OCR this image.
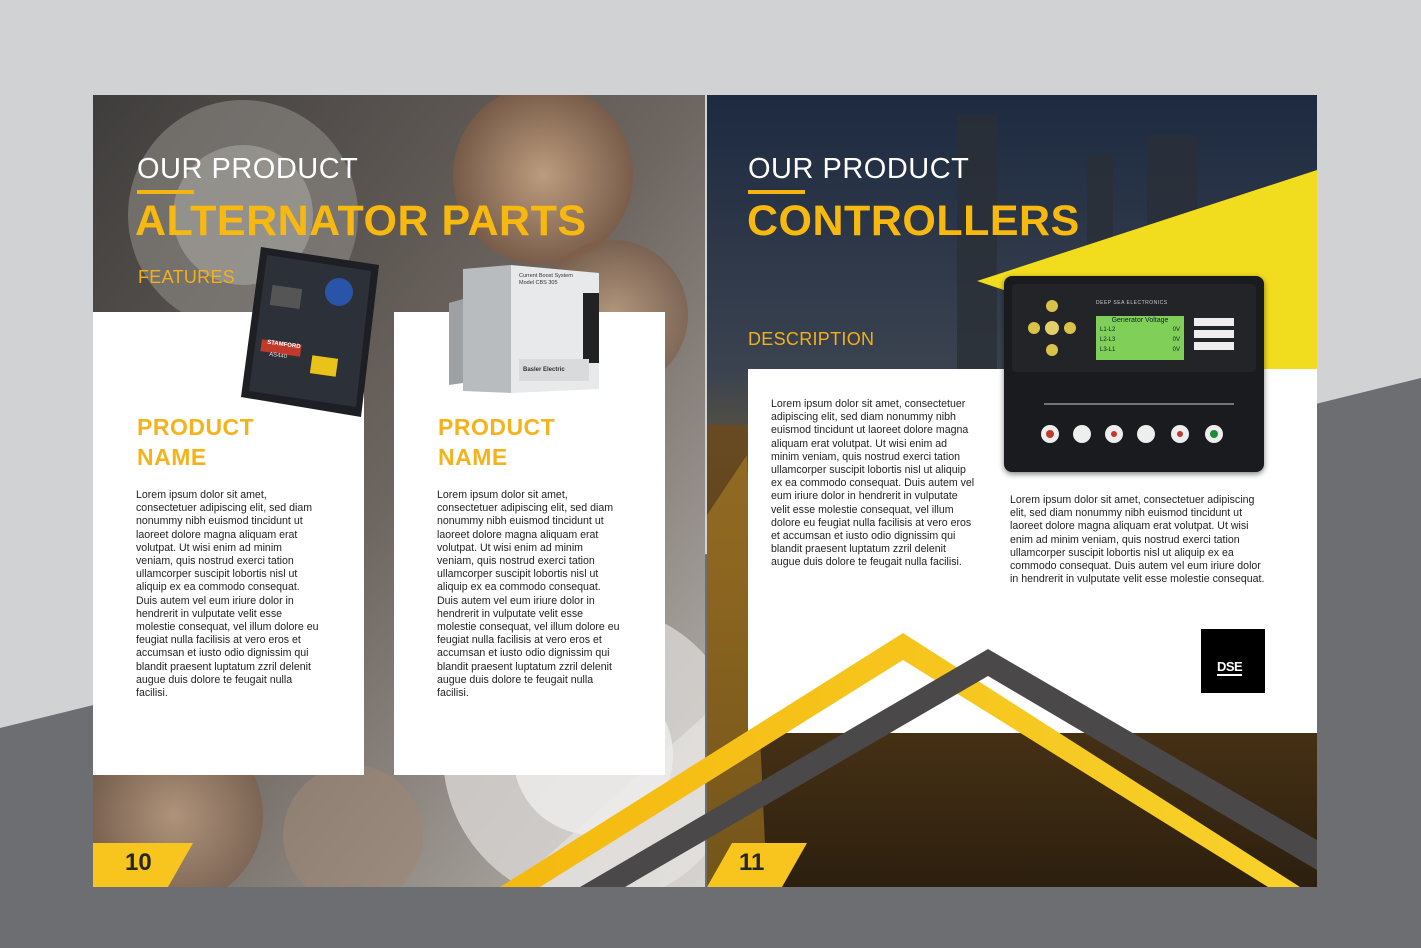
OUR PRODUCT
ALTERNATOR PARTS
FEATURES
PRODUCT
NAME
Lorem ipsum dolor sit amet, consectetuer adipiscing elit, sed diam nonummy nibh euismod tincidunt ut laoreet dolore magna aliquam erat volutpat. Ut wisi enim ad minim veniam, quis nostrud exerci tation ullamcorper suscipit lobortis nisl ut aliquip ex ea commodo consequat. Duis autem vel eum iriure dolor in hendrerit in vulputate velit esse molestie consequat, vel illum dolore eu feugiat nulla facilisis at vero eros et accumsan et iusto odio dignissim qui blandit praesent luptatum zzril delenit augue duis dolore te feugait nulla facilisi.
PRODUCT
NAME
Lorem ipsum dolor sit amet, consectetuer adipiscing elit, sed diam nonummy nibh euismod tincidunt ut laoreet dolore magna aliquam erat volutpat. Ut wisi enim ad minim veniam, quis nostrud exerci tation ullamcorper suscipit lobortis nisl ut aliquip ex ea commodo consequat. Duis autem vel eum iriure dolor in hendrerit in vulputate velit esse molestie consequat, vel illum dolore eu feugiat nulla facilisis at vero eros et accumsan et iusto odio dignissim qui blandit praesent luptatum zzril delenit augue duis dolore te feugait nulla facilisi.
STAMFORD
AS440
Current Boost System
Model CBS 305
Basler Electric
10
OUR PRODUCT
CONTROLLERS
DESCRIPTION
Lorem ipsum dolor sit amet, consectetuer adipiscing elit, sed diam nonummy nibh euismod tincidunt ut laoreet dolore magna aliquam erat volutpat. Ut wisi enim ad minim veniam, quis nostrud exerci tation ullamcorper suscipit lobortis nisl ut aliquip ex ea commodo consequat. Duis autem vel eum iriure dolor in hendrerit in vulputate velit esse molestie consequat, vel illum dolore eu feugiat nulla facilisis at vero eros et accumsan et iusto odio dignissim qui blandit praesent luptatum zzril delenit augue duis dolore te feugait nulla facilisi.
Lorem ipsum dolor sit amet, consectetuer adipiscing elit, sed diam nonummy nibh euismod tincidunt ut laoreet dolore magna aliquam erat volutpat. Ut wisi enim ad minim veniam, quis nostrud exerci tation ullamcorper suscipit lobortis nisl ut aliquip ex ea commodo consequat. Duis autem vel eum iriure dolor in hendrerit in vulputate velit esse molestie consequat.
DEEP SEA ELECTRONICS
Generator Voltage
L1-L2	0V
L2-L3	0V
L3-L1	0V
11
DSE
